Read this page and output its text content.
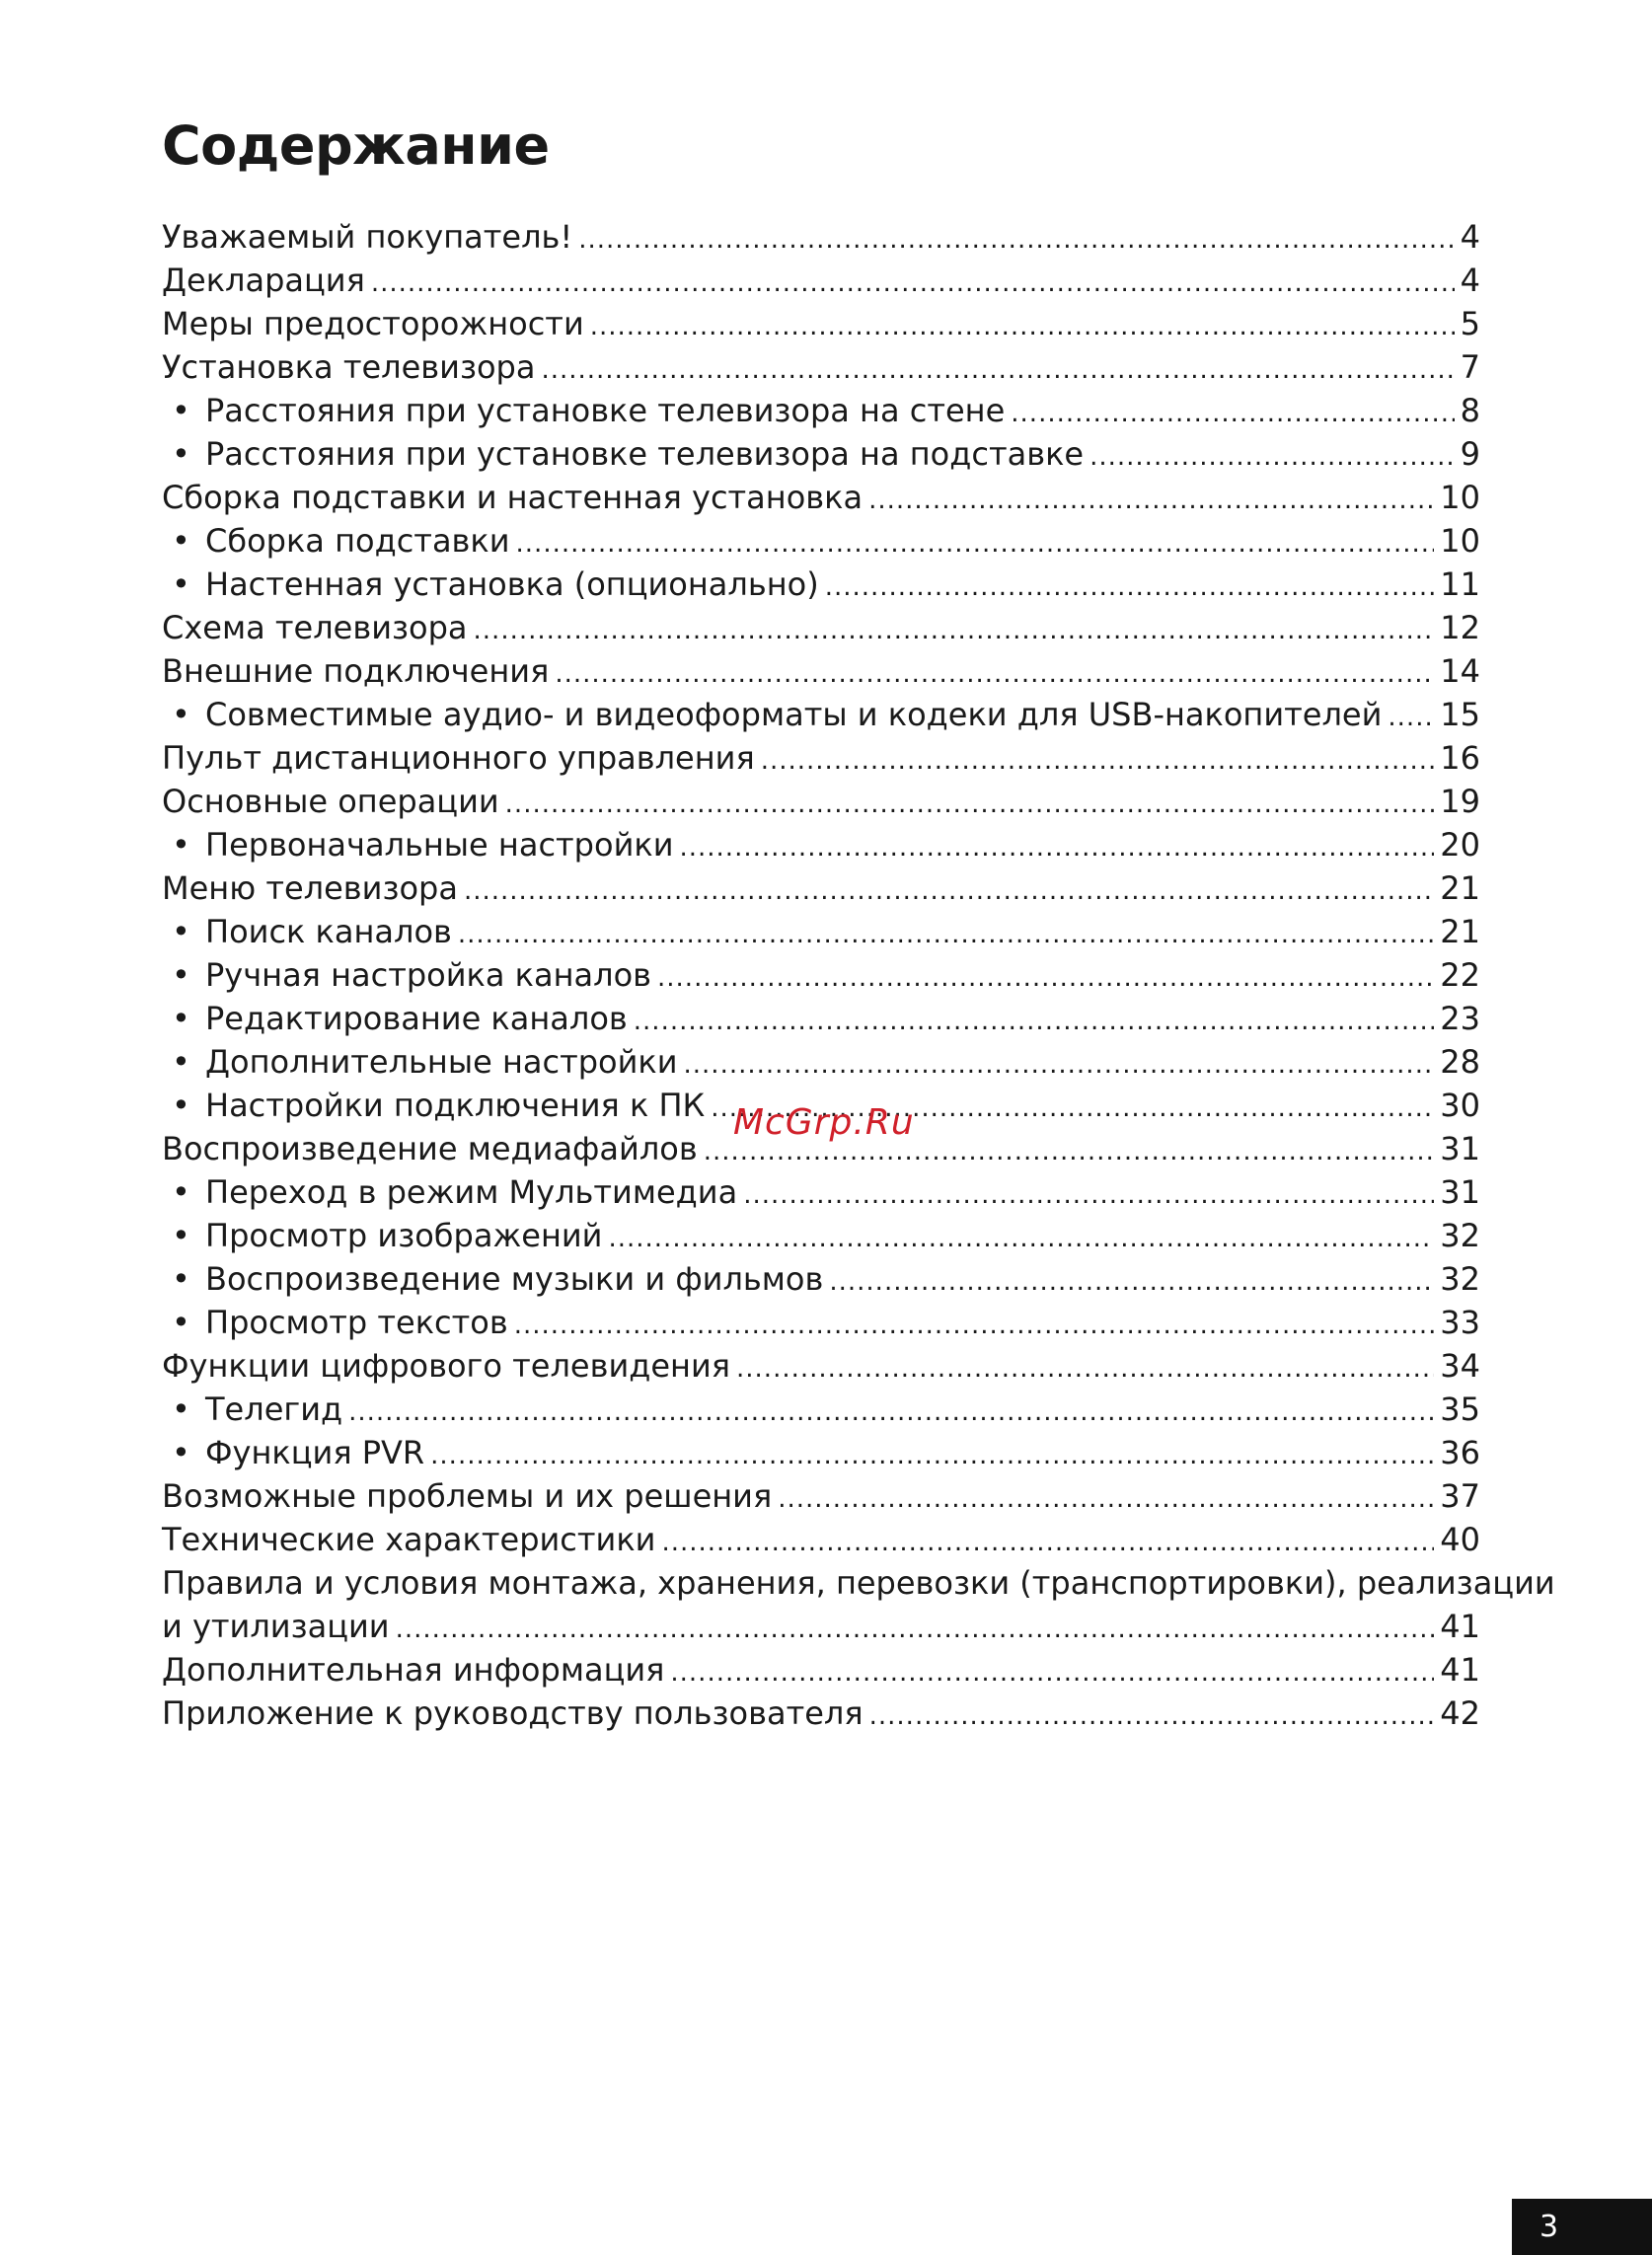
Содержание
Уважаемый покупатель! .....	4
Декларация .....	4
Меры предосторожности .....	5
Установка телевизора .....	7
• Расстояния при установке телевизора на стене .....	8
• Расстояния при установке телевизора на подставке .....	9
Сборка подставки и настенная установка .....	10
• Сборка подставки .....	10
• Настенная установка (опционально) .....	11
Схема телевизора .....	12
Внешние подключения .....	14
• Совместимые аудио- и видеоформаты и кодеки для USB-накопителей ..... 15
Пульт дистанционного управления .....	16
Основные операции .....	19
• Первоначальные настройки .....	20
Меню телевизора .....	21
• Поиск каналов .....	21
• Ручная настройка каналов .....	22
• Редактирование каналов .....	23
• Дополнительные настройки .....	28
• Настройки подключения к ПК .....	30
Воспроизведение медиафайлов .....	31
• Переход в режим Мультимедиа .....	31
• Просмотр изображений .....	32
• Воспроизведение музыки и фильмов .....	32
• Просмотр текстов .....	33
Функции цифрового телевидения .....	34
• Телегид .....	35
• Функция PVR .....	36
Возможные проблемы и их решения .....	37
Технические характеристики .....	40
Правила и условия монтажа, хранения, перевозки (транспортировки), реализации
и утилизации .....	41
Дополнительная информация .....	41
Приложение к руководству пользователя .....	42
McGrp.Ru
3
